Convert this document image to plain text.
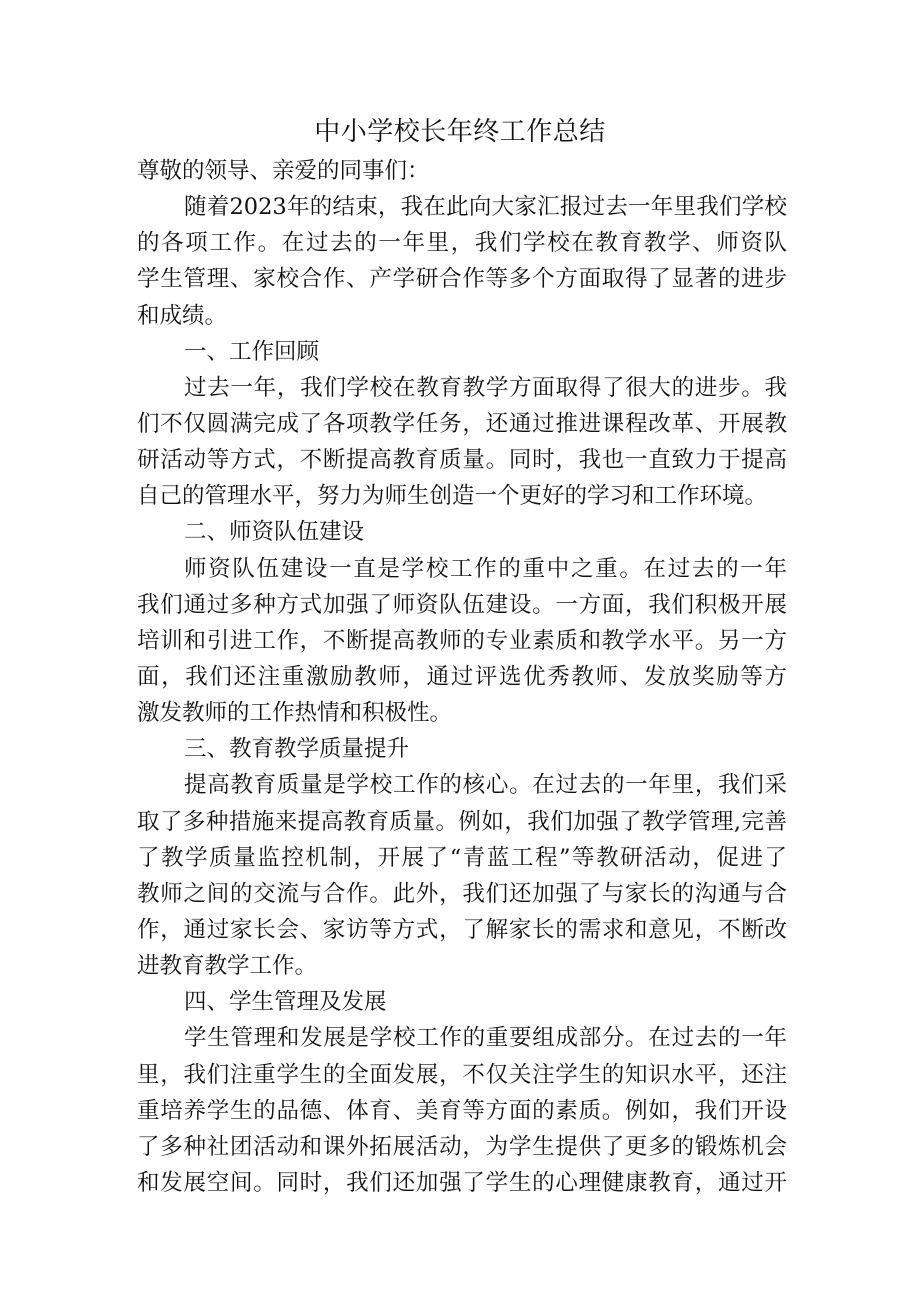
中小学校长年终工作总结
尊敬的领导、亲爱的同事们：
随着2023年的结束，我在此向大家汇报过去一年里我们学校
的各项工作。在过去的一年里，我们学校在教育教学、师资队
学生管理、家校合作、产学研合作等多个方面取得了显著的进步
和成绩。
一、工作回顾
过去一年，我们学校在教育教学方面取得了很大的进步。我
们不仅圆满完成了各项教学任务，还通过推进课程改革、开展教
研活动等方式，不断提高教育质量。同时，我也一直致力于提高
自己的管理水平，努力为师生创造一个更好的学习和工作环境。
二、师资队伍建设
师资队伍建设一直是学校工作的重中之重。在过去的一年
我们通过多种方式加强了师资队伍建设。一方面，我们积极开展
培训和引进工作，不断提高教师的专业素质和教学水平。另一方
面，我们还注重激励教师，通过评选优秀教师、发放奖励等方
激发教师的工作热情和积极性。
三、教育教学质量提升
提高教育质量是学校工作的核心。在过去的一年里，我们采
取了多种措施来提高教育质量。例如，我们加强了教学管理,完善
了教学质量监控机制，开展了“青蓝工程”等教研活动，促进了
教师之间的交流与合作。此外，我们还加强了与家长的沟通与合
作，通过家长会、家访等方式，了解家长的需求和意见，不断改
进教育教学工作。
四、学生管理及发展
学生管理和发展是学校工作的重要组成部分。在过去的一年
里，我们注重学生的全面发展，不仅关注学生的知识水平，还注
重培养学生的品德、体育、美育等方面的素质。例如，我们开设
了多种社团活动和课外拓展活动，为学生提供了更多的锻炼机会
和发展空间。同时，我们还加强了学生的心理健康教育，通过开
